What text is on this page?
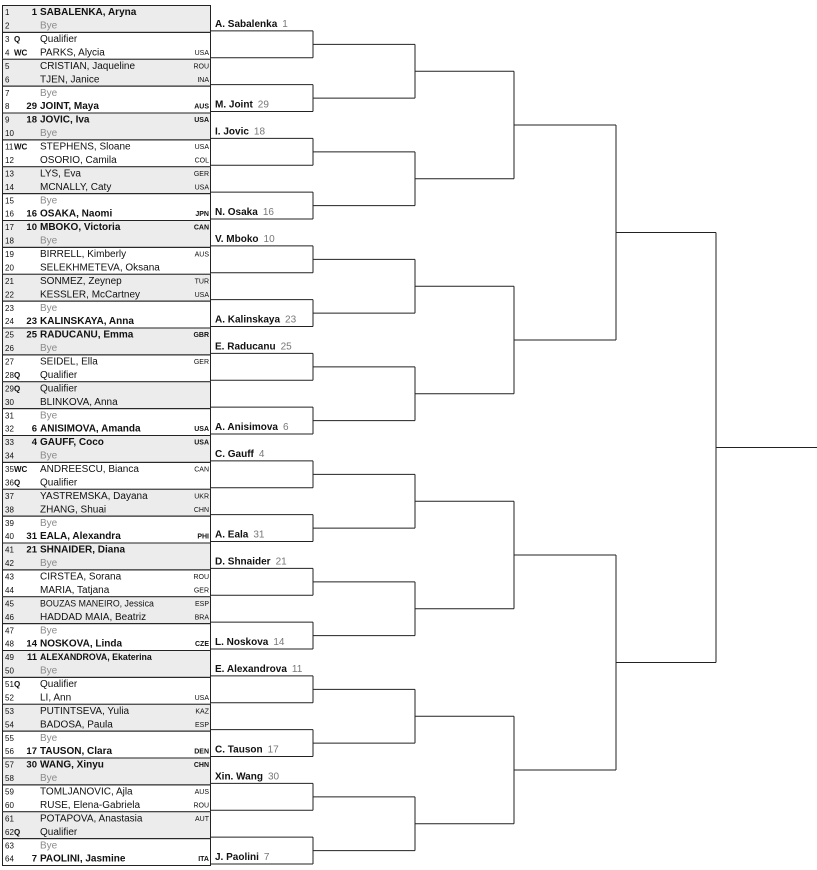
1 1 SABALENKA, Aryna
2	Bye
3 Q Qualifier
4 WC PARKS, Alycia	USA
5	CRISTIAN, Jaqueline	ROU
6	TJEN, Janice	INA
7	Bye
8 29 JOINT, Maya	AUS
9 18 JOVIC, Iva	USA
10	Bye
11 WC STEPHENS, Sloane	USA
12	OSORIO, Camila	COL
13	LYS, Eva	GER
14	MCNALLY, Caty	USA
15	Bye
16 16 OSAKA, Naomi	JPN
17 10 MBOKO, Victoria	CAN
18	Bye
19	BIRRELL, Kimberly	AUS
20	SELEKHMETEVA, Oksana
21	SONMEZ, Zeynep	TUR
22	KESSLER, McCartney	USA
23	Bye
24 23 KALINSKAYA, Anna
25 25 RADUCANU, Emma	GBR
26	Bye
27	SEIDEL, Ella	GER
28 Q Qualifier
29 Q Qualifier
30	BLINKOVA, Anna
31	Bye
32 6 ANISIMOVA, Amanda	USA
33 4 GAUFF, Coco	USA
34	Bye
35 WC ANDREESCU, Bianca	CAN
36 Q Qualifier
37	YASTREMSKA, Dayana	UKR
38	ZHANG, Shuai	CHN
39	Bye
40 31 EALA, Alexandra	PHI
41 21 SHNAIDER, Diana
42	Bye
43	CIRSTEA, Sorana	ROU
44	MARIA, Tatjana	GER
45	BOUZAS MANEIRO, Jessica	ESP
46	HADDAD MAIA, Beatriz	BRA
47	Bye
48 14 NOSKOVA, Linda	CZE
49 11 ALEXANDROVA, Ekaterina
50	Bye
51 Q Qualifier
52	LI, Ann	USA
53	PUTINTSEVA, Yulia	KAZ
54	BADOSA, Paula	ESP
55	Bye
56 17 TAUSON, Clara	DEN
57 30 WANG, Xinyu	CHN
58	Bye
59	TOMLJANOVIC, Ajla	AUS
60	RUSE, Elena-Gabriela	ROU
61	POTAPOVA, Anastasia	AUT
62 Q Qualifier
63	Bye
64 7 PAOLINI, Jasmine	ITA
A. Sabalenka 1
M. Joint 29
I. Jovic 18
N. Osaka 16
V. Mboko 10
A. Kalinskaya 23
E. Raducanu 25
A. Anisimova 6
C. Gauff 4
A. Eala 31
D. Shnaider 21
L. Noskova 14
E. Alexandrova 11
C. Tauson 17
Xin. Wang 30
J. Paolini 7
